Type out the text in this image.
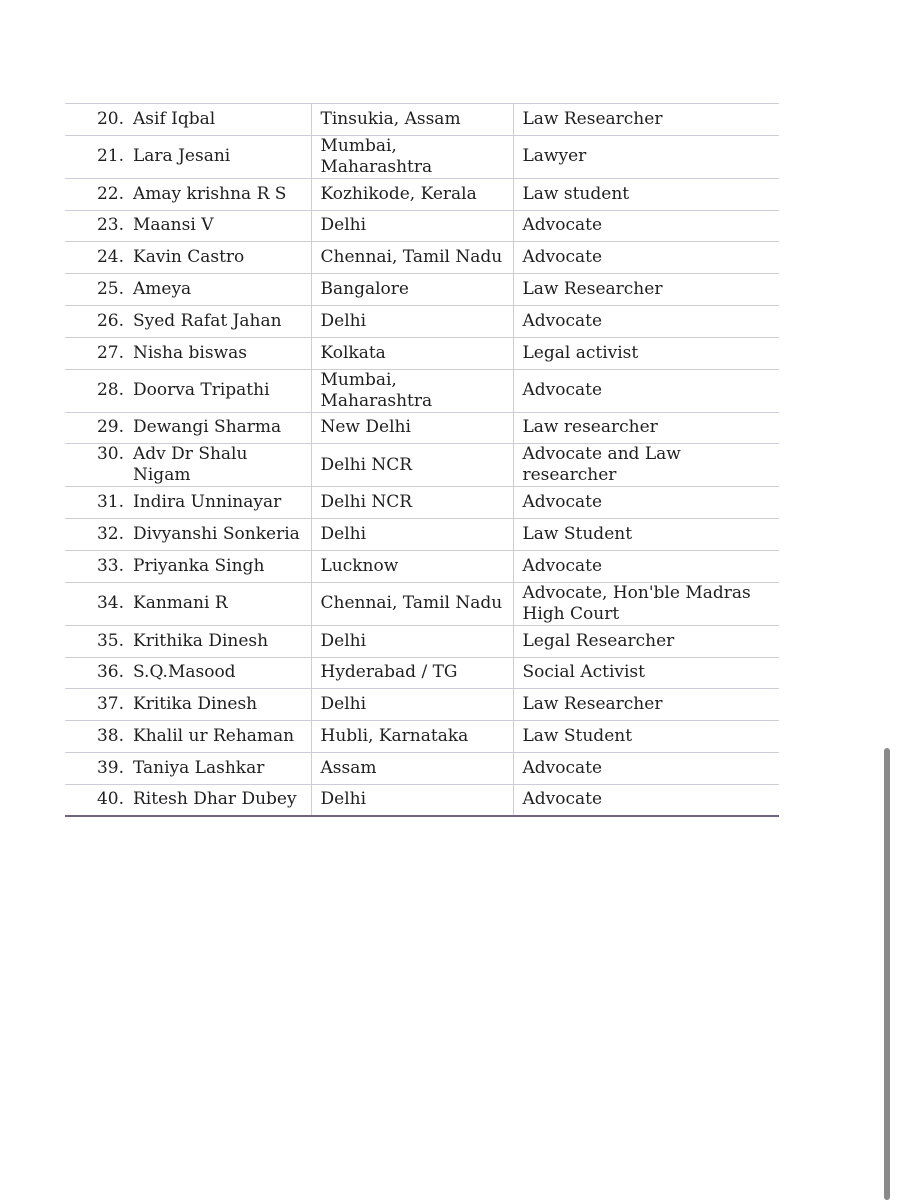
20. Asif Iqbal	Tinsukia, Assam	Law Researcher

21. Lara Jesani	Mumbai, Maharashtra	Lawyer

22. Amay krishna R S	Kozhikode, Kerala	Law student

23. Maansi V	Delhi	Advocate

24. Kavin Castro	Chennai, Tamil Nadu	Advocate

25. Ameya	Bangalore	Law Researcher

26. Syed Rafat Jahan	Delhi	Advocate

27. Nisha biswas	Kolkata	Legal activist

28. Doorva Tripathi	Mumbai, Maharashtra	Advocate

29. Dewangi Sharma	New Delhi	Law researcher

30. Adv Dr Shalu Nigam	Delhi NCR	Advocate and Law researcher

31. Indira Unninayar	Delhi NCR	Advocate

32. Divyanshi Sonkeria	Delhi	Law Student

33. Priyanka Singh	Lucknow	Advocate

34. Kanmani R	Chennai, Tamil Nadu	Advocate, Hon'ble Madras High Court

35. Krithika Dinesh	Delhi	Legal Researcher

36. S.Q.Masood	Hyderabad / TG	Social Activist

37. Kritika Dinesh	Delhi	Law Researcher

38. Khalil ur Rehaman	Hubli, Karnataka	Law Student

39. Taniya Lashkar	Assam	Advocate

40. Ritesh Dhar Dubey	Delhi	Advocate
